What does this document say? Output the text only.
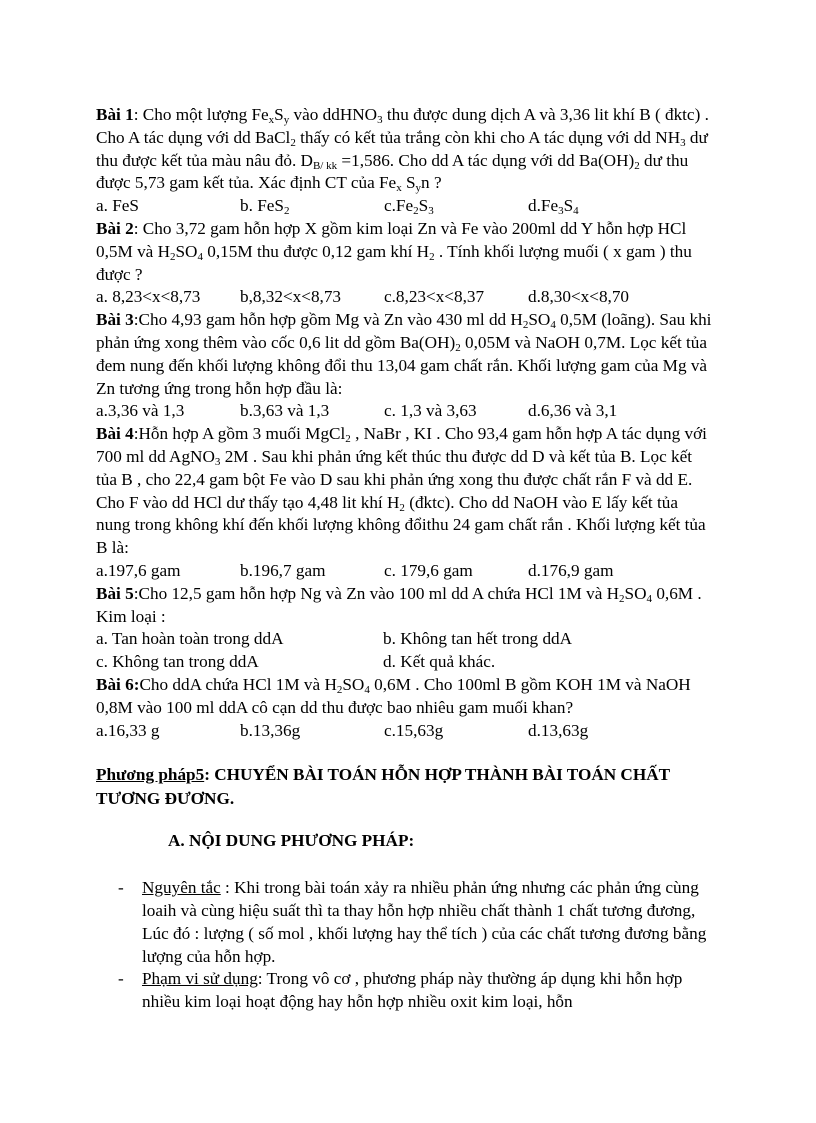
Bài 1: Cho một lượng $Fe_xS_y$ vào ddHNO$_3$ thu được dung dịch A và 3,36 lit khí B ( đktc) . Cho A tác dụng với dd BaCl$_2$ thấy có kết tủa trắng còn khi cho A tác dụng với dd $NH_3$ dư thu được kết tủa màu nâu đỏ. $D_{B/ kk} =1,586$. Cho dd A tác dụng với dd $Ba(OH)_2$ dư thu được 5,73 gam kết tủa. Xác định CT của $Fe_x$ $S_yn$ ?

a. FeS	b. FeS$_2$	$c.Fe_2S_3$	$d.Fe_3S_4$

Bài 2: Cho 3,72 gam hỗn hợp X gồm kim loại Zn và Fe vào 200ml dd Y hỗn hợp HCl 0,5M và $H_2SO_4$ 0,15M thu được 0,12 gam khí $H_2$ . Tính khối lượng muối ( x gam ) thu được ?

a. 8,23<x<8,73	b,8,32<x<8,73	c.8,23<x<8,37	d.8,30<x<8,70

Bài 3:Cho 4,93 gam hỗn hợp gồm Mg và Zn vào 430 ml dd $H_2SO_4$ 0,5M (loãng). Sau khi phản ứng xong thêm vào cốc 0,6 lit dd gồm $Ba(OH)_2$ 0,05M và NaOH 0,7M. Lọc kết tủa đem nung đến khối lượng không đổi thu 13,04 gam chất rắn. Khối lượng gam của Mg và Zn tương ứng trong hỗn hợp đầu là:

a.3,36 và 1,3	b.3,63 và 1,3	c. 1,3 và 3,63	d.6,36 và 3,1

Bài 4:Hỗn hợp A gồm 3 muối MgCl$_2$ , NaBr , KI . Cho 93,4 gam hỗn hợp A tác dụng với 700 ml dd AgNO$_3$ 2M . Sau khi phản ứng kết thúc thu được dd D và kết tủa B. Lọc kết tủa B , cho 22,4 gam bột Fe vào D sau khi phản ứng xong thu được chất rắn F và dd E. Cho F vào dd HCl dư thấy tạo 4,48 lit khí $H_2$ (đktc). Cho dd NaOH vào E lấy kết tủa nung trong không khí đến khối lượng không đổithu 24 gam chất rắn . Khối lượng kết tủa B là:

a.197,6 gam	b.196,7 gam	c. 179,6 gam	d.176,9 gam

Bài 5:Cho 12,5 gam hỗn hợp Ng và Zn vào 100 ml dd A chứa HCl 1M và $H_2SO_4$ 0,6M . Kim loại :

a. Tan hoàn toàn trong ddA	b. Không tan hết trong ddA
c. Không tan trong ddA	d. Kết quả khác.

Bài 6:Cho ddA chứa HCl 1M và $H_2SO_4$ 0,6M . Cho 100ml B gồm KOH 1M và NaOH 0,8M vào 100 ml ddA cô cạn dd thu được bao nhiêu gam muối khan?

a.16,33 g	b.13,36g	c.15,63g	d.13,63g

Phương pháp5: CHUYỂN BÀI TOÁN HỖN HỢP THÀNH BÀI TOÁN CHẤT TƯƠNG ĐƯƠNG.

A. NỘI DUNG PHƯƠNG PHÁP:

- Nguyên tắc : Khi trong bài toán xảy ra nhiều phản ứng nhưng các phản ứng cùng loaih và cùng hiệu suất thì ta thay hỗn hợp nhiều chất thành 1 chất tương đương, Lúc đó : lượng ( số mol , khối lượng hay thể tích ) của các chất tương đương bằng lượng của hỗn hợp.
- Phạm vi sử dụng: Trong vô cơ , phương pháp này thường áp dụng khi hỗn hợp nhiều kim loại hoạt động hay hỗn hợp nhiều oxit kim loại, hỗn
